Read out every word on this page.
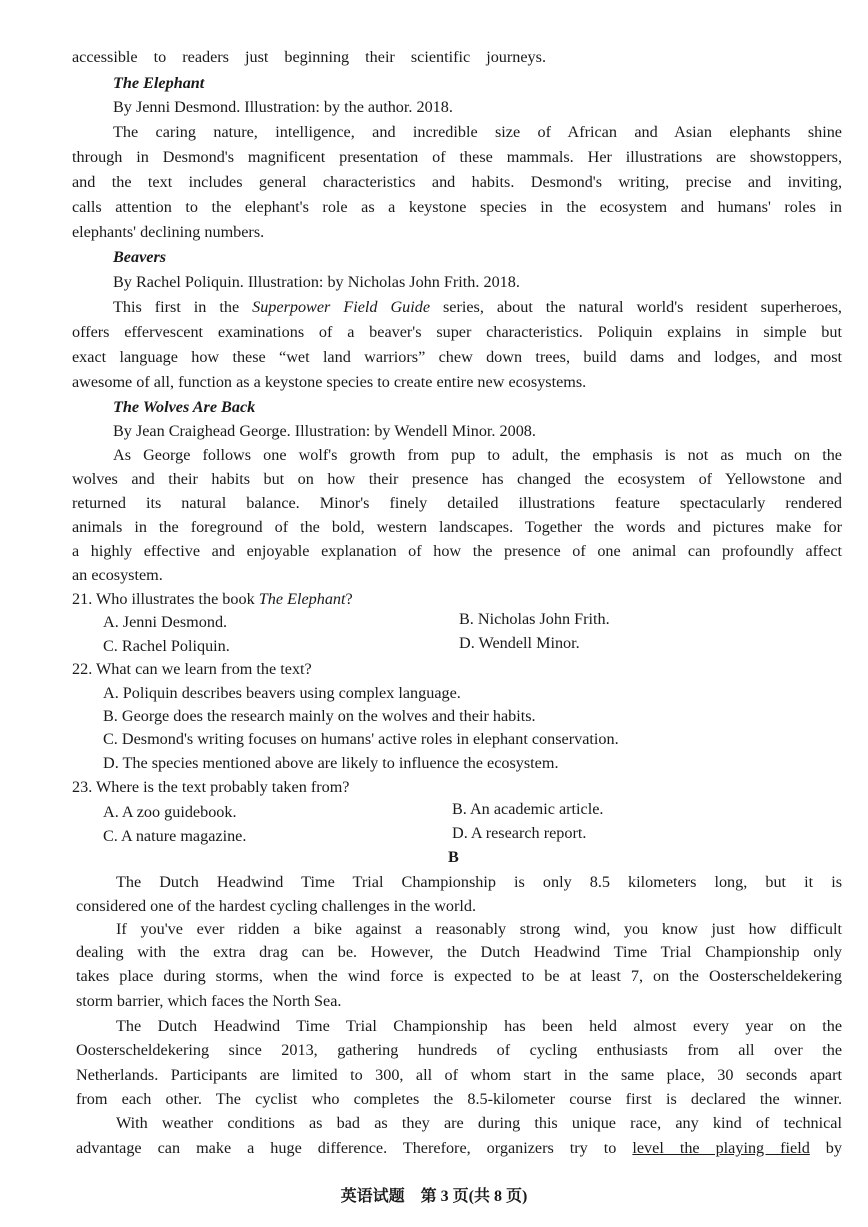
accessible to readers just beginning their scientific journeys.
The Elephant
By Jenni Desmond. Illustration: by the author. 2018.
The caring nature, intelligence, and incredible size of African and Asian elephants shine
through in Desmond's magnificent presentation of these mammals. Her illustrations are showstoppers,
and the text includes general characteristics and habits. Desmond's writing, precise and inviting,
calls attention to the elephant's role as a keystone species in the ecosystem and humans' roles in
elephants' declining numbers.
Beavers
By Rachel Poliquin. Illustration: by Nicholas John Frith. 2018.
This first in the Superpower Field Guide series, about the natural world's resident superheroes,
offers effervescent examinations of a beaver's super characteristics. Poliquin explains in simple but
exact language how these “wet land warriors” chew down trees, build dams and lodges, and most
awesome of all, function as a keystone species to create entire new ecosystems.
The Wolves Are Back
By Jean Craighead George. Illustration: by Wendell Minor. 2008.
As George follows one wolf's growth from pup to adult, the emphasis is not as much on the
wolves and their habits but on how their presence has changed the ecosystem of Yellowstone and
returned its natural balance. Minor's finely detailed illustrations feature spectacularly rendered
animals in the foreground of the bold, western landscapes. Together the words and pictures make for
a highly effective and enjoyable explanation of how the presence of one animal can profoundly affect
an ecosystem.
21. Who illustrates the book The Elephant?
A. Jenni Desmond.	B. Nicholas John Frith.
C. Rachel Poliquin.	D. Wendell Minor.
22. What can we learn from the text?
A. Poliquin describes beavers using complex language.
B. George does the research mainly on the wolves and their habits.
C. Desmond's writing focuses on humans' active roles in elephant conservation.
D. The species mentioned above are likely to influence the ecosystem.
23. Where is the text probably taken from?
A. A zoo guidebook.	B. An academic article.
C. A nature magazine.	D. A research report.
B
The Dutch Headwind Time Trial Championship is only 8.5 kilometers long, but it is
considered one of the hardest cycling challenges in the world.
If you've ever ridden a bike against a reasonably strong wind, you know just how difficult
dealing with the extra drag can be. However, the Dutch Headwind Time Trial Championship only
takes place during storms, when the wind force is expected to be at least 7, on the Oosterscheldekering
storm barrier, which faces the North Sea.
The Dutch Headwind Time Trial Championship has been held almost every year on the
Oosterscheldekering since 2013, gathering hundreds of cycling enthusiasts from all over the
Netherlands. Participants are limited to 300, all of whom start in the same place, 30 seconds apart
from each other. The cyclist who completes the 8.5-kilometer course first is declared the winner.
With weather conditions as bad as they are during this unique race, any kind of technical
advantage can make a huge difference. Therefore, organizers try to level the playing field by
英语试题　第 3 页(共 8 页)
